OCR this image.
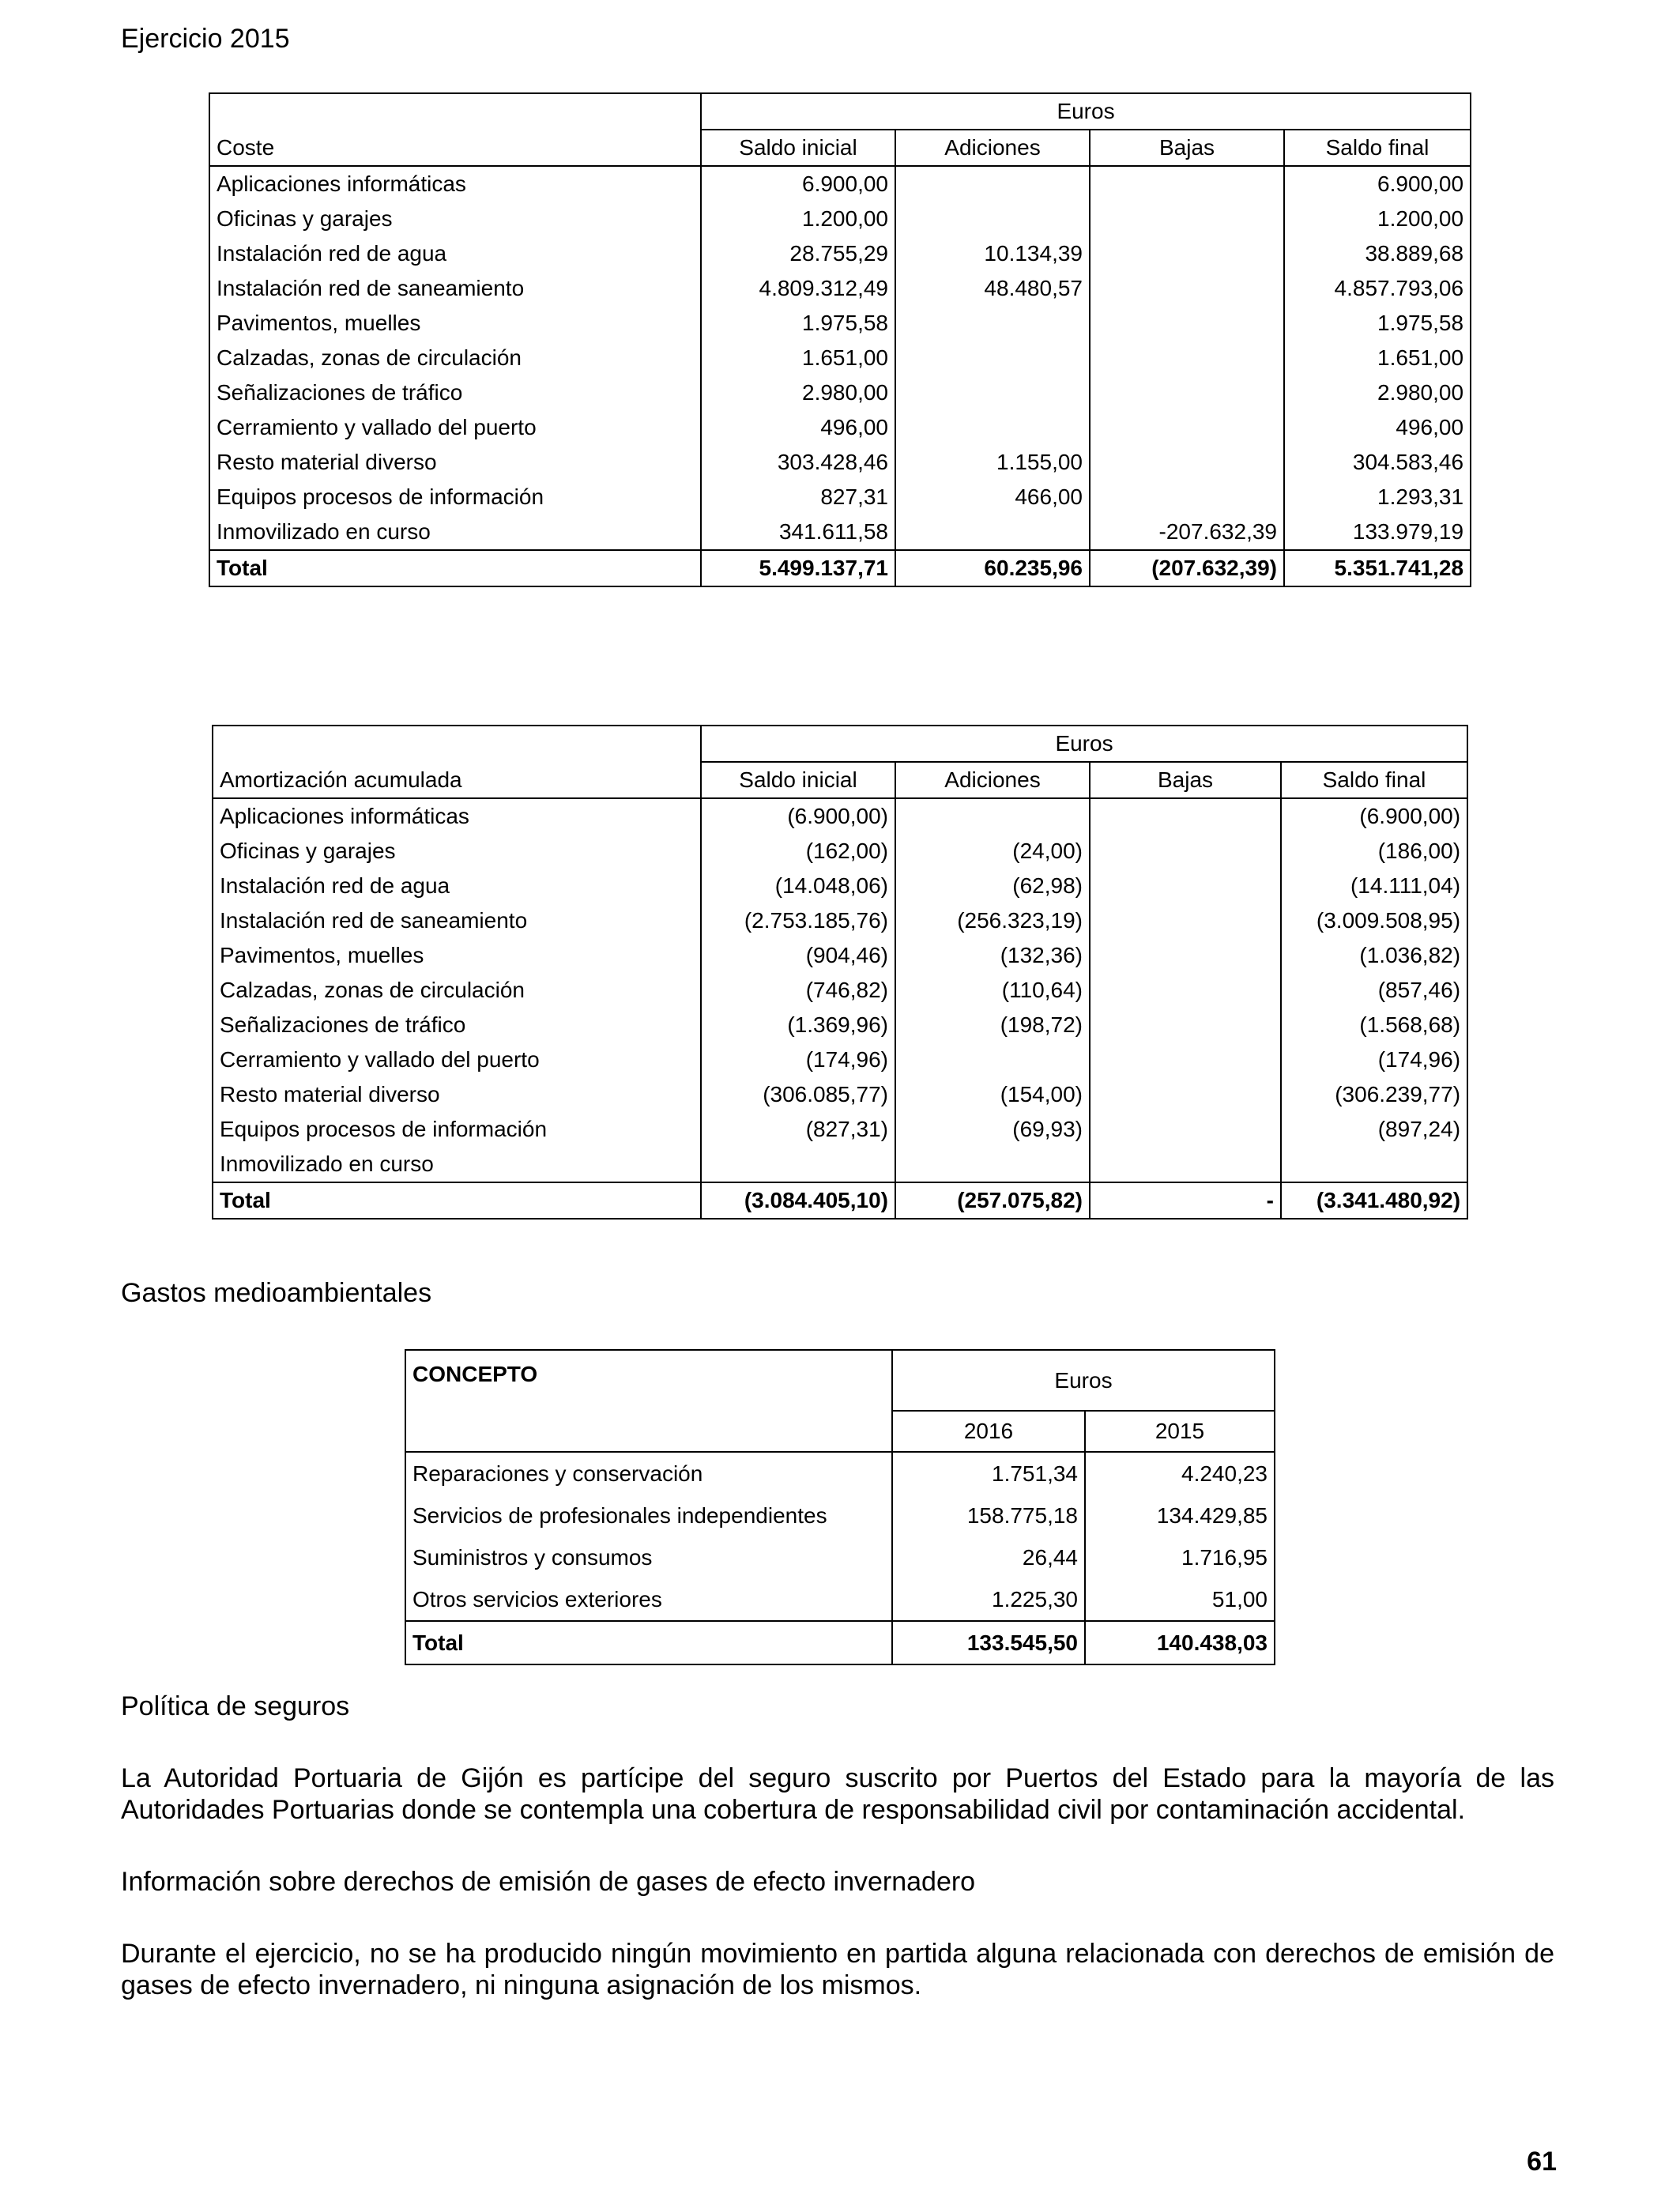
Ejercicio 2015
	Euros			
Coste	Saldo inicial	Adiciones	Bajas	Saldo final
Aplicaciones informáticas	6.900,00			6.900,00
Oficinas y garajes	1.200,00			1.200,00
Instalación red de agua	28.755,29	10.134,39		38.889,68
Instalación red de saneamiento	4.809.312,49	48.480,57		4.857.793,06
Pavimentos, muelles	1.975,58			1.975,58
Calzadas, zonas de circulación	1.651,00			1.651,00
Señalizaciones de tráfico	2.980,00			2.980,00
Cerramiento y vallado del puerto	496,00			496,00
Resto material diverso	303.428,46	1.155,00		304.583,46
Equipos procesos de información	827,31	466,00		1.293,31
Inmovilizado en curso	341.611,58		-207.632,39	133.979,19
Total	5.499.137,71	60.235,96	(207.632,39)	5.351.741,28
	Euros			
Amortización acumulada	Saldo inicial	Adiciones	Bajas	Saldo final
Aplicaciones informáticas	(6.900,00)			(6.900,00)
Oficinas y garajes	(162,00)	(24,00)		(186,00)
Instalación red de agua	(14.048,06)	(62,98)		(14.111,04)
Instalación red de saneamiento	(2.753.185,76)	(256.323,19)		(3.009.508,95)
Pavimentos, muelles	(904,46)	(132,36)		(1.036,82)
Calzadas, zonas de circulación	(746,82)	(110,64)		(857,46)
Señalizaciones de tráfico	(1.369,96)	(198,72)		(1.568,68)
Cerramiento y vallado del puerto	(174,96)			(174,96)
Resto material diverso	(306.085,77)	(154,00)		(306.239,77)
Equipos procesos de información	(827,31)	(69,93)		(897,24)
Inmovilizado en curso				
Total	(3.084.405,10)	(257.075,82)	-	(3.341.480,92)
Gastos medioambientales
CONCEPTO	Euros	
	2016	2015
Reparaciones y conservación	1.751,34	4.240,23
Servicios de profesionales independientes	158.775,18	134.429,85
Suministros y consumos	26,44	1.716,95
Otros servicios exteriores	1.225,30	51,00
Total	133.545,50	140.438,03
Política de seguros
La Autoridad Portuaria de Gijón es partícipe del seguro suscrito por Puertos del Estado para la mayoría de las Autoridades Portuarias donde se contempla una cobertura de responsabilidad civil por contaminación accidental.
Información sobre derechos de emisión de gases de efecto invernadero
Durante el ejercicio, no se ha producido ningún movimiento en partida alguna relacionada con derechos de emisión de gases de efecto invernadero, ni ninguna asignación de los mismos.
61
